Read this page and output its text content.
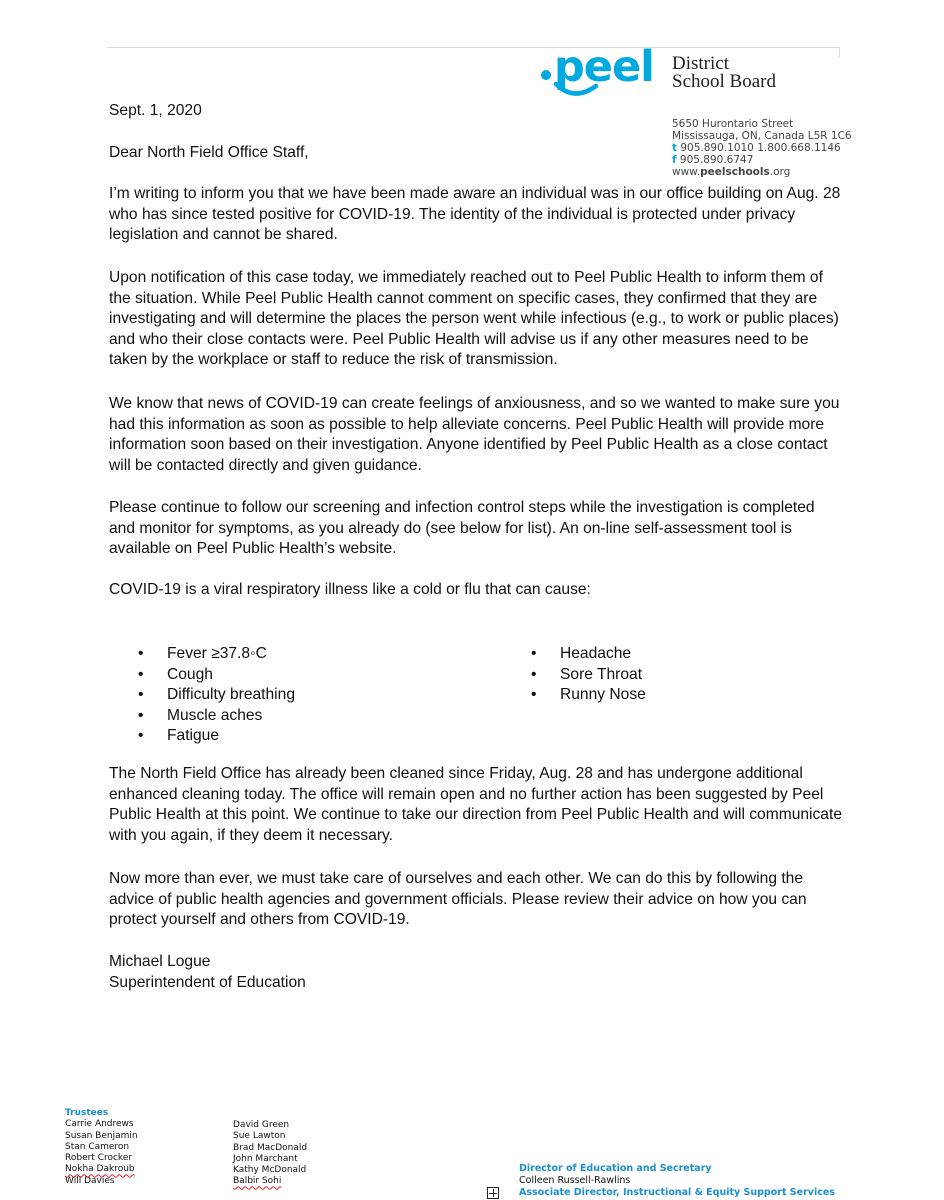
peel District
School Board
5650 Hurontario Street
Mississauga, ON, Canada L5R 1C6
t 905.890.1010 1.800.668.1146
f 905.890.6747
www.peelschools.org
Sept. 1, 2020
Dear North Field Office Staff,

I’m writing to inform you that we have been made aware an individual was in our office building on Aug. 28 who has since tested positive for COVID-19. The identity of the individual is protected under privacy legislation and cannot be shared.

Upon notification of this case today, we immediately reached out to Peel Public Health to inform them of the situation. While Peel Public Health cannot comment on specific cases, they confirmed that they are investigating and will determine the places the person went while infectious (e.g., to work or public places) and who their close contacts were. Peel Public Health will advise us if any other measures need to be taken by the workplace or staff to reduce the risk of transmission.

We know that news of COVID-19 can create feelings of anxiousness, and so we wanted to make sure you had this information as soon as possible to help alleviate concerns. Peel Public Health will provide more information soon based on their investigation. Anyone identified by Peel Public Health as a close contact will be contacted directly and given guidance.

Please continue to follow our screening and infection control steps while the investigation is completed and monitor for symptoms, as you already do (see below for list). An on-line self-assessment tool is available on Peel Public Health’s website.

COVID-19 is a viral respiratory illness like a cold or flu that can cause:

• Fever ≥37.8◦C
• Cough
• Difficulty breathing
• Muscle aches
• Fatigue
• Headache
• Sore Throat
• Runny Nose

The North Field Office has already been cleaned since Friday, Aug. 28 and has undergone additional enhanced cleaning today. The office will remain open and no further action has been suggested by Peel Public Health at this point. We continue to take our direction from Peel Public Health and will communicate with you again, if they deem it necessary.

Now more than ever, we must take care of ourselves and each other. We can do this by following the advice of public health agencies and government officials. Please review their advice on how you can protect yourself and others from COVID-19.

Michael Logue
Superintendent of Education
Trustees
Carrie Andrews
Susan Benjamin
Stan Cameron
Robert Crocker
Nokha Dakroub
Will Davies
David Green
Sue Lawton
Brad MacDonald
John Marchant
Kathy McDonald
Balbir Sohi
Director of Education and Secretary
Colleen Russell-Rawlins
Associate Director, Instructional & Equity Support Services
